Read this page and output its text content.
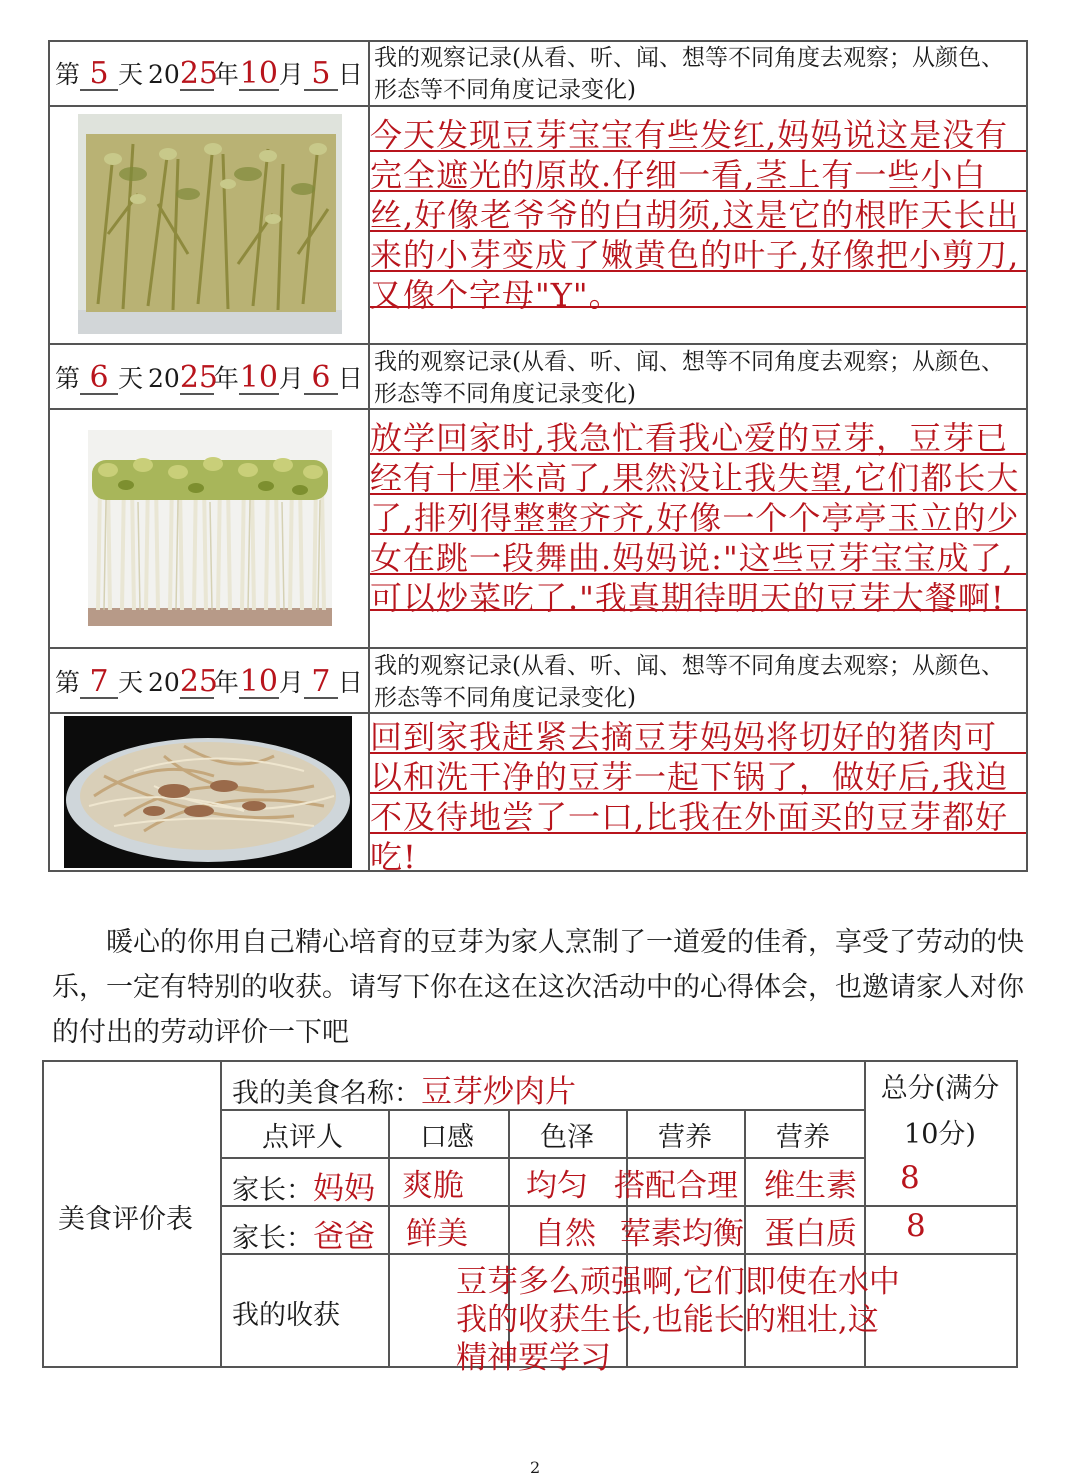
第 5 天  2025年10月 5 日
我的观察记录(从看、听、闻、想等不同角度去观察；从颜色、形态等不同角度记录变化)
今天发现豆芽宝宝有些发红,妈妈说这是没有完全遮光的原故.仔细一看,茎上有一些小白丝,好像老爷爷的白胡须,这是它的根昨天长出来的小芽变成了嫩黄色的叶子,好像把小剪刀,又像个字母"Y"。
第 6 天  2025年10月 6 日
我的观察记录(从看、听、闻、想等不同角度去观察；从颜色、形态等不同角度记录变化)
放学回家时,我急忙看我心爱的豆芽，豆芽已经有十厘米高了,果然没让我失望,它们都长大了,排列得整整齐齐,好像一个个亭亭玉立的少女在跳一段舞曲.妈妈说:"这些豆芽宝宝成了,可以炒菜吃了."我真期待明天的豆芽大餐啊!
第 7 天  2025年10月 7 日
我的观察记录(从看、听、闻、想等不同角度去观察；从颜色、形态等不同角度记录变化)
回到家我赶紧去摘豆芽妈妈将切好的猪肉可以和洗干净的豆芽一起下锅了，做好后,我迫不及待地尝了一口,比我在外面买的豆芽都好吃!
暖心的你用自己精心培育的豆芽为家人烹制了一道爱的佳肴，享受了劳动的快乐，一定有特别的收获。请写下你在这在这次活动中的心得体会，也邀请家人对你的付出的劳动评价一下吧
美食评价表
我的美食名称：豆芽炒肉片	总分(满分10分)
点评人	口感 色泽 营养 营养
家长：妈妈 爽脆 均匀 搭配合理 维生素 8
家长：爸爸 鲜美 自然 荤素均衡 蛋白质 8
我的收获
豆芽多么顽强啊,它们即使在水中
我的收获生长,也能长的粗壮,这
精神要学习
2
